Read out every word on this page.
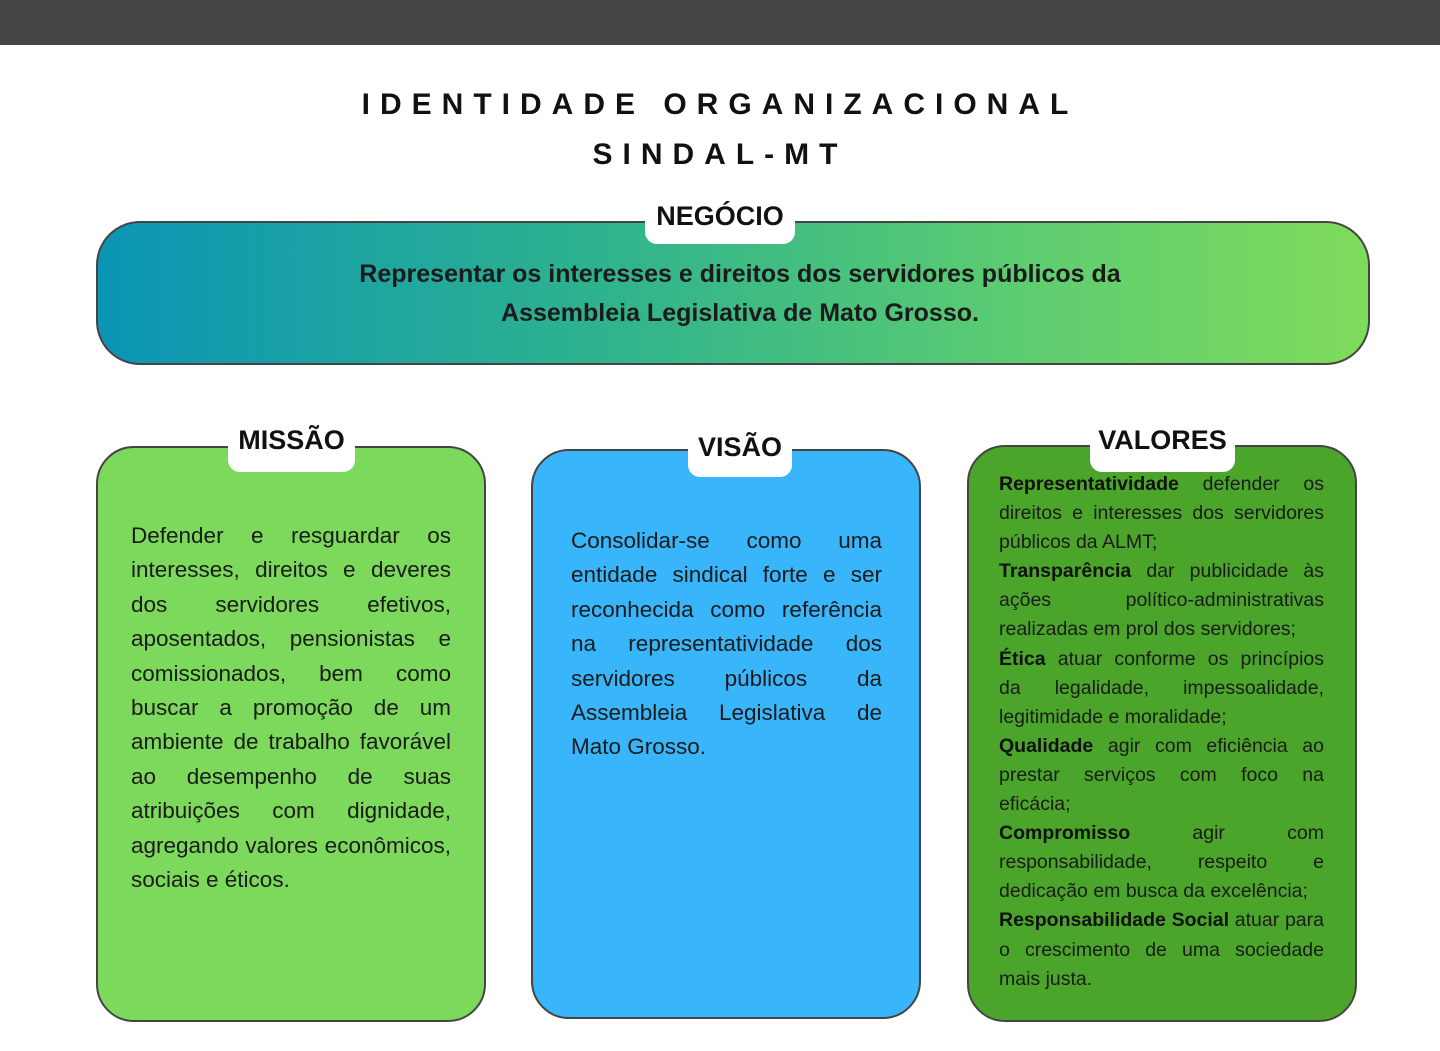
IDENTIDADE ORGANIZACIONAL
SINDAL-MT
Representar os interesses e direitos dos servidores públicos da
Assembleia Legislativa de Mato Grosso.
NEGÓCIO
MISSÃO
Defender e resguardar os interesses, direitos e deveres dos servidores efetivos, aposentados, pensionistas e comissionados, bem como buscar a promoção de um ambiente de trabalho favorável ao desempenho de suas atribuições com dignidade, agregando valores econômicos, sociais e éticos.
VISÃO
Consolidar-se como uma entidade sindical forte e ser reconhecida como referência na representatividade dos servidores públicos da Assembleia Legislativa de Mato Grosso.
VALORES
Representatividade defender os direitos e interesses dos servidores públicos da ALMT;
Transparência dar publicidade às ações político-administrativas realizadas em prol dos servidores;
Ética atuar conforme os princípios da legalidade, impessoalidade, legitimidade e moralidade;
Qualidade agir com eficiência ao prestar serviços com foco na eficácia;
Compromisso	agir com responsabilidade, respeito e dedicação em busca da excelência;
Responsabilidade Social atuar para o crescimento de uma sociedade mais justa.
